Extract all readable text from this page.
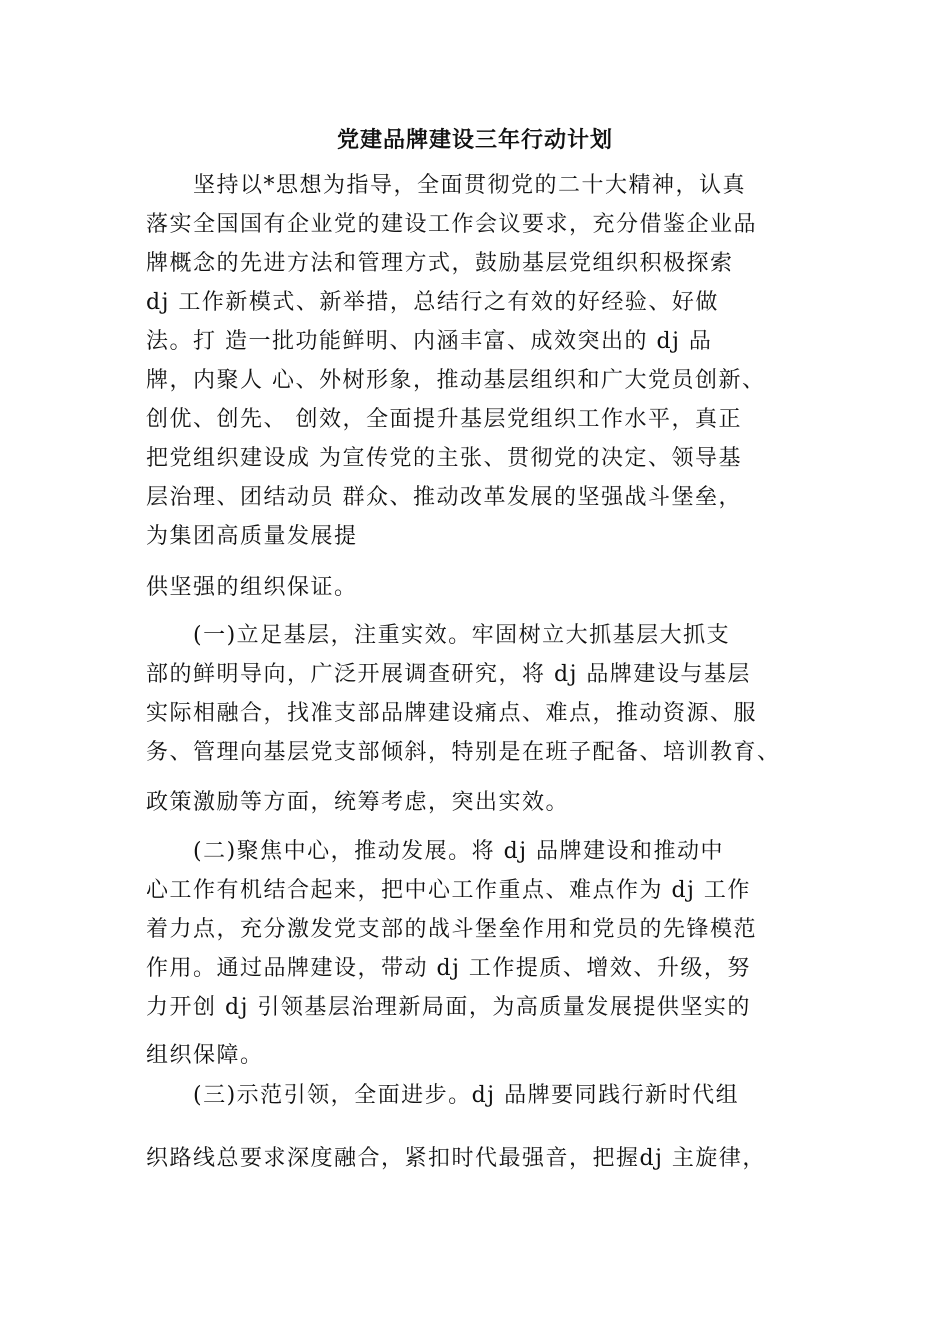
党建品牌建设三年行动计划
　　坚持以*思想为指导，全面贯彻党的二十大精神，认真
落实全国国有企业党的建设工作会议要求，充分借鉴企业品
牌概念的先进方法和管理方式，鼓励基层党组织积极探索
dj 工作新模式、新举措，总结行之有效的好经验、好做
法。打 造一批功能鲜明、内涵丰富、成效突出的 dj 品
牌，内聚人 心、外树形象，推动基层组织和广大党员创新、
创优、创先、 创效，全面提升基层党组织工作水平，真正
把党组织建设成 为宣传党的主张、贯彻党的决定、领导基
层治理、团结动员 群众、推动改革发展的坚强战斗堡垒，
为集团高质量发展提
供坚强的组织保证。
　　(一)立足基层，注重实效。牢固树立大抓基层大抓支
部的鲜明导向，广泛开展调查研究，将 dj 品牌建设与基层
实际相融合，找准支部品牌建设痛点、难点，推动资源、服
务、管理向基层党支部倾斜，特别是在班子配备、培训教育、
政策激励等方面，统筹考虑，突出实效。
　　(二)聚焦中心，推动发展。将 dj 品牌建设和推动中
心工作有机结合起来，把中心工作重点、难点作为 dj 工作
着力点，充分激发党支部的战斗堡垒作用和党员的先锋模范
作用。通过品牌建设，带动 dj 工作提质、增效、升级，努
力开创 dj 引领基层治理新局面，为高质量发展提供坚实的
组织保障。
　　(三)示范引领，全面进步。dj 品牌要同践行新时代组
织路线总要求深度融合，紧扣时代最强音，把握dj 主旋律，
